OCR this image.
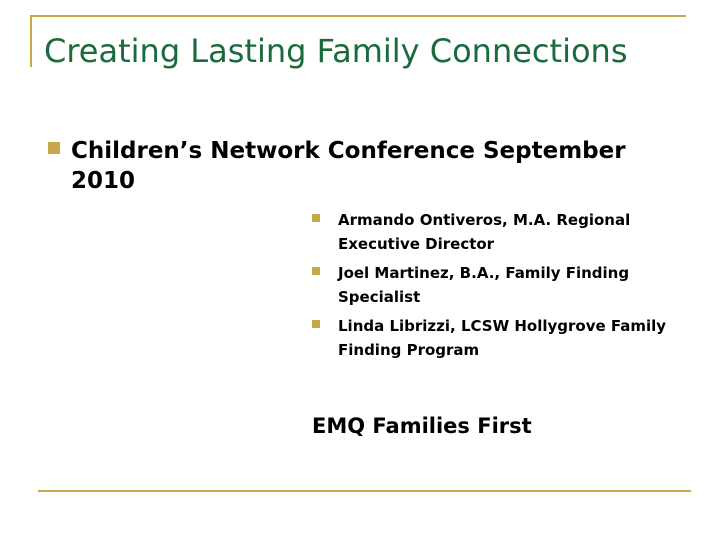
Creating Lasting Family Connections
Children’s Network Conference September 2010
Armando Ontiveros, M.A. Regional Executive Director
Joel Martinez, B.A., Family Finding Specialist
Linda Librizzi, LCSW Hollygrove Family Finding Program
EMQ Families First
